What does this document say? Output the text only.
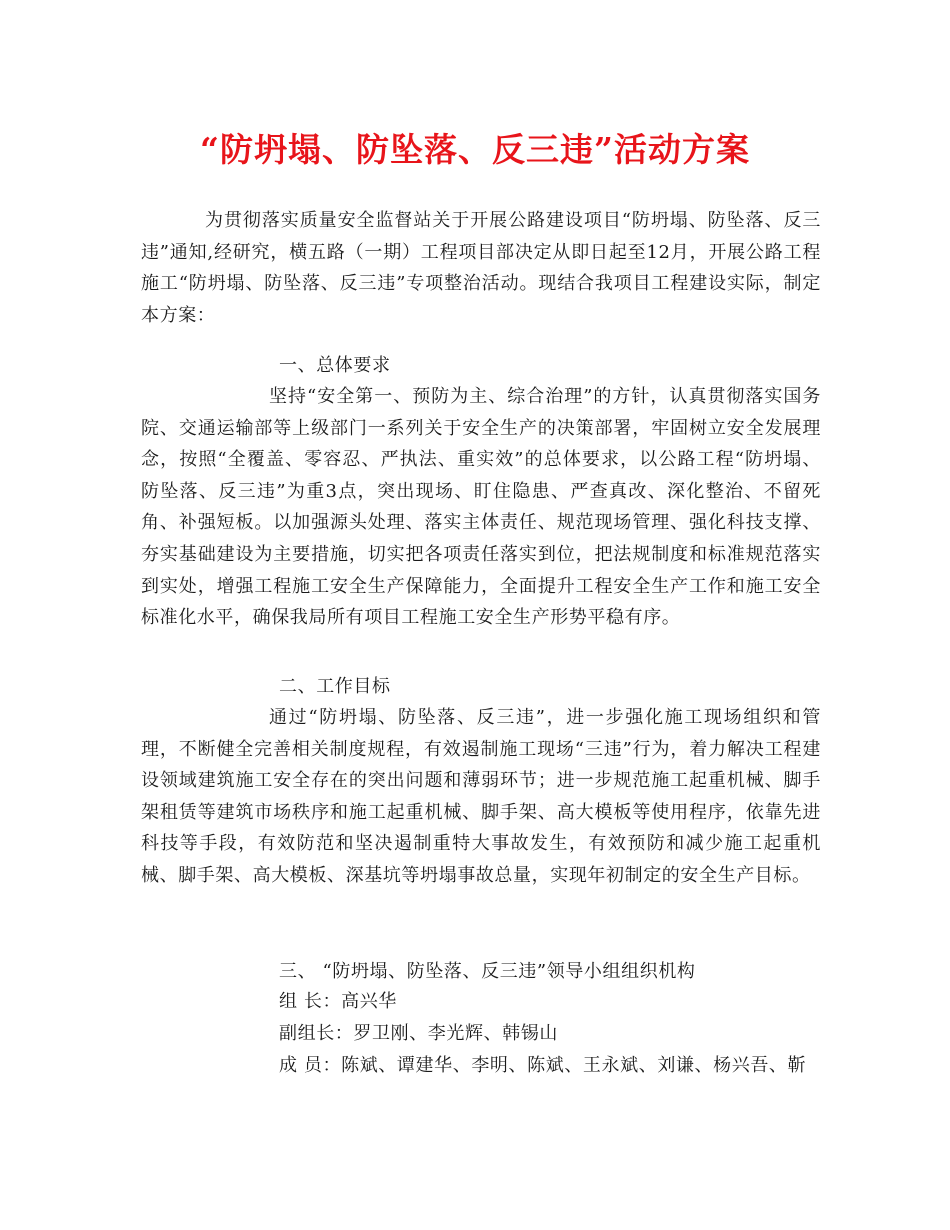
“防坍塌、防坠落、反三违”活动方案

为贯彻落实质量安全监督站关于开展公路建设项目“防坍塌、防坠落、反三违”通知,经研究，横五路（一期）工程项目部决定从即日起至12月，开展公路工程施工“防坍塌、防坠落、反三违”专项整治活动。现结合我项目工程建设实际，制定本方案：

一、总体要求

坚持“安全第一、预防为主、综合治理”的方针，认真贯彻落实国务院、交通运输部等上级部门一系列关于安全生产的决策部署，牢固树立安全发展理念，按照“全覆盖、零容忍、严执法、重实效”的总体要求，以公路工程“防坍塌、防坠落、反三违”为重3点，突出现场、盯住隐患、严查真改、深化整治、不留死角、补强短板。以加强源头处理、落实主体责任、规范现场管理、强化科技支撑、夯实基础建设为主要措施，切实把各项责任落实到位，把法规制度和标准规范落实到实处，增强工程施工安全生产保障能力，全面提升工程安全生产工作和施工安全标准化水平，确保我局所有项目工程施工安全生产形势平稳有序。

二、工作目标

通过“防坍塌、防坠落、反三违”，进一步强化施工现场组织和管理，不断健全完善相关制度规程，有效遏制施工现场“三违”行为，着力解决工程建设领域建筑施工安全存在的突出问题和薄弱环节；进一步规范施工起重机械、脚手架租赁等建筑市场秩序和施工起重机械、脚手架、高大模板等使用程序，依靠先进科技等手段，有效防范和坚决遏制重特大事故发生，有效预防和减少施工起重机械、脚手架、高大模板、深基坑等坍塌事故总量，实现年初制定的安全生产目标。

三、 “防坍塌、防坠落、反三违”领导小组组织机构

组 长：高兴华

副组长：罗卫刚、李光辉、韩锡山

成 员：陈斌、谭建华、李明、陈斌、王永斌、刘谦、杨兴吾、靳
